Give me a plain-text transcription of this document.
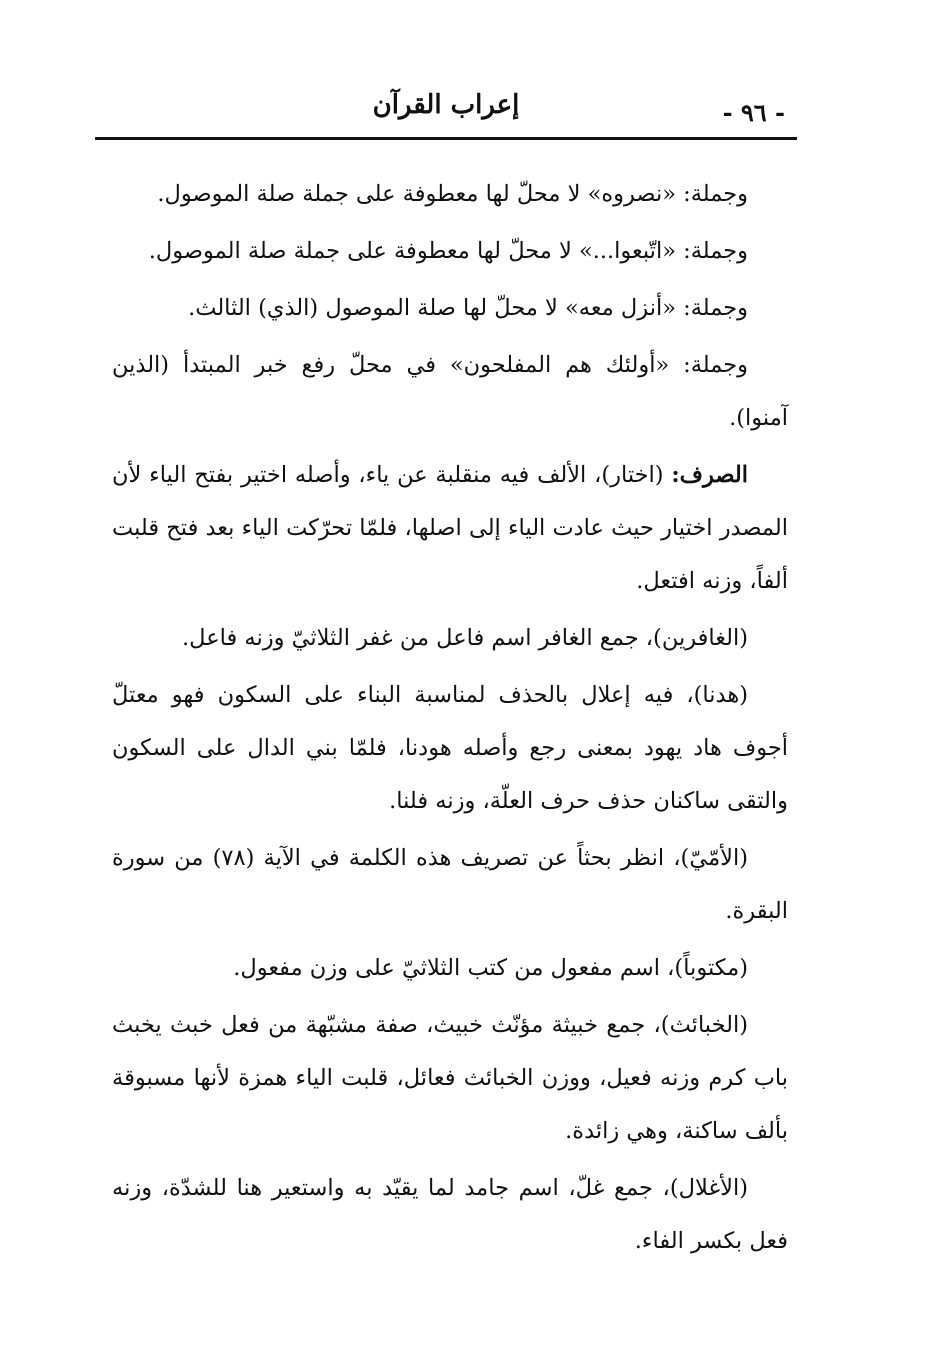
- ٩٦ -
إعراب القرآن

وجملة: «نصروه» لا محلّ لها معطوفة على جملة صلة الموصول.

وجملة: «اتّبعوا...» لا محلّ لها معطوفة على جملة صلة الموصول.

وجملة: «أنزل معه» لا محلّ لها صلة الموصول (الذي) الثالث.

وجملة: «أولئك هم المفلحون» في محلّ رفع خبر المبتدأ (الذين آمنوا).

الصرف: (اختار)، الألف فيه منقلبة عن ياء، وأصله اختير بفتح الياء لأن المصدر اختيار حيث عادت الياء إلى اصلها، فلمّا تحرّكت الياء بعد فتح قلبت ألفاً، وزنه افتعل.

(الغافرين)، جمع الغافر اسم فاعل من غفر الثلاثيّ وزنه فاعل.

(هدنا)، فيه إعلال بالحذف لمناسبة البناء على السكون فهو معتلّ أجوف هاد يهود بمعنى رجع وأصله هودنا، فلمّا بني الدال على السكون والتقى ساكنان حذف حرف العلّة، وزنه فلنا.

(الأمّيّ)، انظر بحثاً عن تصريف هذه الكلمة في الآية (٧٨) من سورة البقرة.

(مكتوباً)، اسم مفعول من كتب الثلاثيّ على وزن مفعول.

(الخبائث)، جمع خبيثة مؤنّث خبيث، صفة مشبّهة من فعل خبث يخبث باب كرم وزنه فعيل، ووزن الخبائث فعائل، قلبت الياء همزة لأنها مسبوقة بألف ساكنة، وهي زائدة.

(الأغلال)، جمع غلّ، اسم جامد لما يقيّد به واستعير هنا للشدّة، وزنه فعل بكسر الفاء.
